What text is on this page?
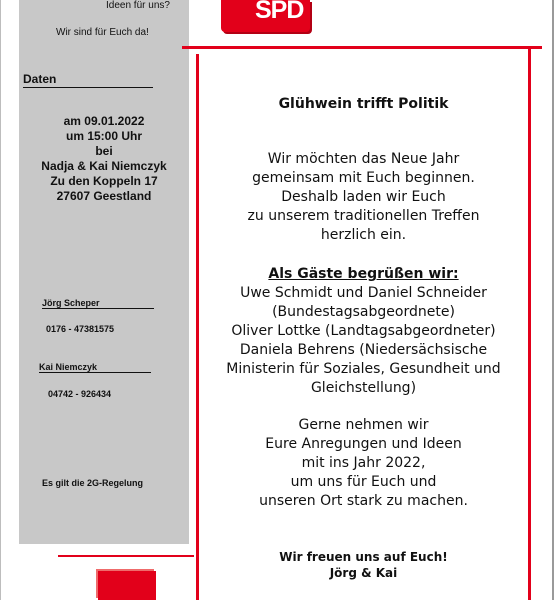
Ideen für uns?
Wir sind für Euch da!
Daten
am 09.01.2022
um 15:00 Uhr
bei
Nadja & Kai Niemczyk
Zu den Koppeln 17
27607 Geestland
Jörg Scheper
0176 - 47381575
Kai Niemczyk
04742 - 926434
Es gilt die 2G-Regelung
SPD
Glühwein trifft Politik
Wir möchten das Neue Jahr
gemeinsam mit Euch beginnen.
Deshalb laden wir Euch
zu unserem traditionellen Treffen
herzlich ein.
Als Gäste begrüßen wir:
Uwe Schmidt und Daniel Schneider
(Bundestagsabgeordnete)
Oliver Lottke (Landtagsabgeordneter)
Daniela Behrens (Niedersächsische
Ministerin für Soziales, Gesundheit und
Gleichstellung)
Gerne nehmen wir
Eure Anregungen und Ideen
mit ins Jahr 2022,
um uns für Euch und
unseren Ort stark zu machen.
Wir freuen uns auf Euch!
Jörg & Kai
